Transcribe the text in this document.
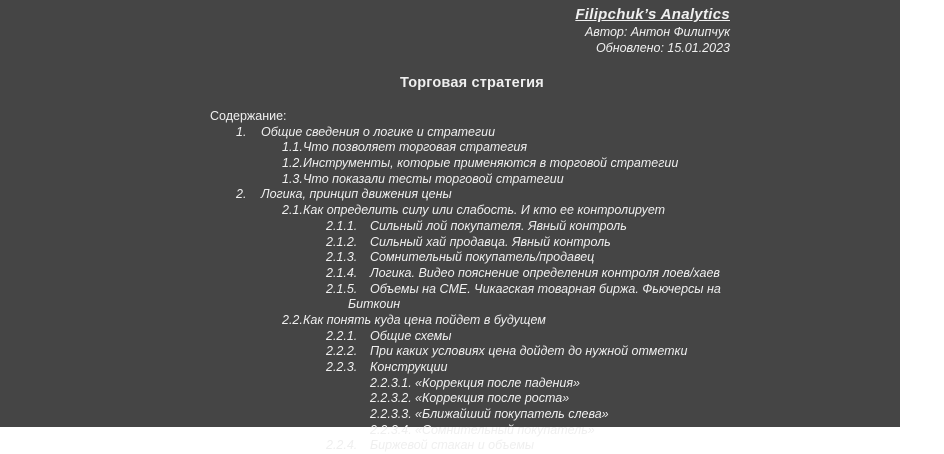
Filipchuk’s Analytics
Автор: Антон Филипчук
Обновлено: 15.01.2023
Торговая стратегия
Содержание:
1.	Общие сведения о логике и стратегии
1.1. Что позволяет торговая стратегия
1.2. Инструменты, которые применяются в торговой стратегии
1.3. Что показали тесты торговой стратегии
2.	Логика, принцип движения цены
2.1. Как определить силу или слабость. И кто ее контролирует
2.1.1.	Сильный лой покупателя. Явный контроль
2.1.2.	Сильный хай продавца. Явный контроль
2.1.3.	Сомнительный покупатель/продавец
2.1.4.	Логика. Видео пояснение определения контроля лоев/хаев
2.1.5.	Объемы на CME. Чикагская товарная биржа. Фьючерсы на
Биткоин
2.2. Как понять куда цена пойдет в будущем
2.2.1.	Общие схемы
2.2.2.	При каких условиях цена дойдет до нужной отметки
2.2.3.	Конструкции
2.2.3.1. «Коррекция после падения»
2.2.3.2. «Коррекция после роста»
2.2.3.3. «Ближайший покупатель слева»
2.2.3.4. «Сомнительный покупатель»
2.2.4.	Биржевой стакан и объемы
